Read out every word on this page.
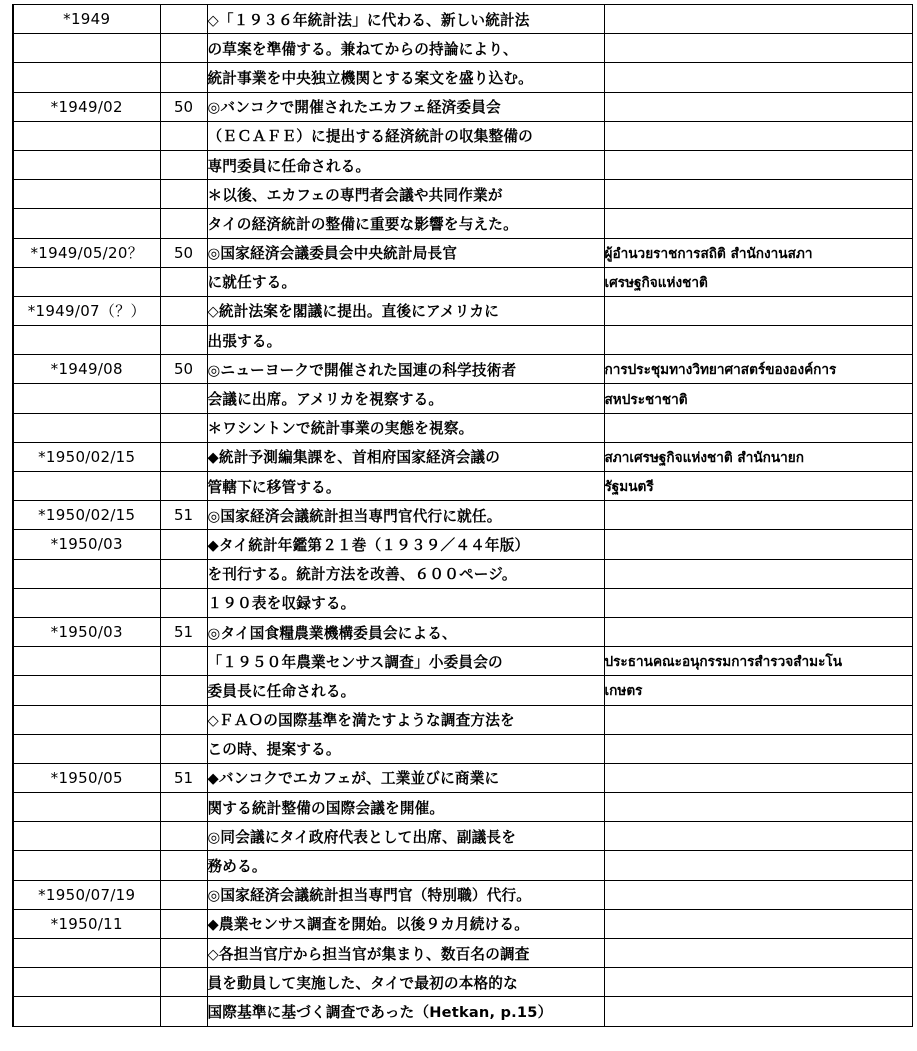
*1949		◇「１９３６年統計法」に代わる、新しい統計法	
		の草案を準備する。兼ねてからの持論により、	
		統計事業を中央独立機関とする案文を盛り込む。	
*1949/02	50	◎バンコクで開催されたエカフェ経済委員会	
		（ＥＣＡＦＥ）に提出する経済統計の収集整備の	
		専門委員に任命される。	
		＊以後、エカフェの専門者会議や共同作業が	
		タイの経済統計の整備に重要な影響を与えた。	
*1949/05/20？	50	◎国家経済会議委員会中央統計局長官	ผู้อำนวยราชการสถิติ สำนักงานสภา
		に就任する。	เศรษฐกิจแห่งชาติ
*1949/07（？）		◇統計法案を閣議に提出。直後にアメリカに	
		出張する。	
*1949/08	50	◎ニューヨークで開催された国連の科学技術者	การประชุมทางวิทยาศาสตร์ขององค์การ
		会議に出席。アメリカを視察する。	สหประชาชาติ
		＊ワシントンで統計事業の実態を視察。	
*1950/02/15		◆統計予測編集課を、首相府国家経済会議の	สภาเศรษฐกิจแห่งชาติ สำนักนายก
		管轄下に移管する。	รัฐมนตรี
*1950/02/15	51	◎国家経済会議統計担当専門官代行に就任。	
*1950/03		◆タイ統計年鑑第２１巻（１９３９／４４年版）	
		を刊行する。統計方法を改善、６００ページ。	
		１９０表を収録する。	
*1950/03	51	◎タイ国食糧農業機構委員会による、	
		「１９５０年農業センサス調査」小委員会の	ประธานคณะอนุกรรมการสำรวจสำมะโน
		委員長に任命される。	เกษตร
		◇ＦＡＯの国際基準を満たすような調査方法を	
		この時、提案する。	
*1950/05	51	◆バンコクでエカフェが、工業並びに商業に	
		関する統計整備の国際会議を開催。	
		◎同会議にタイ政府代表として出席、副議長を	
		務める。	
*1950/07/19		◎国家経済会議統計担当専門官（特別職）代行。	
*1950/11		◆農業センサス調査を開始。以後９カ月続ける。	
		◇各担当官庁から担当官が集まり、数百名の調査	
		員を動員して実施した、タイで最初の本格的な	
		国際基準に基づく調査であった（Hetkan, p.15）	
